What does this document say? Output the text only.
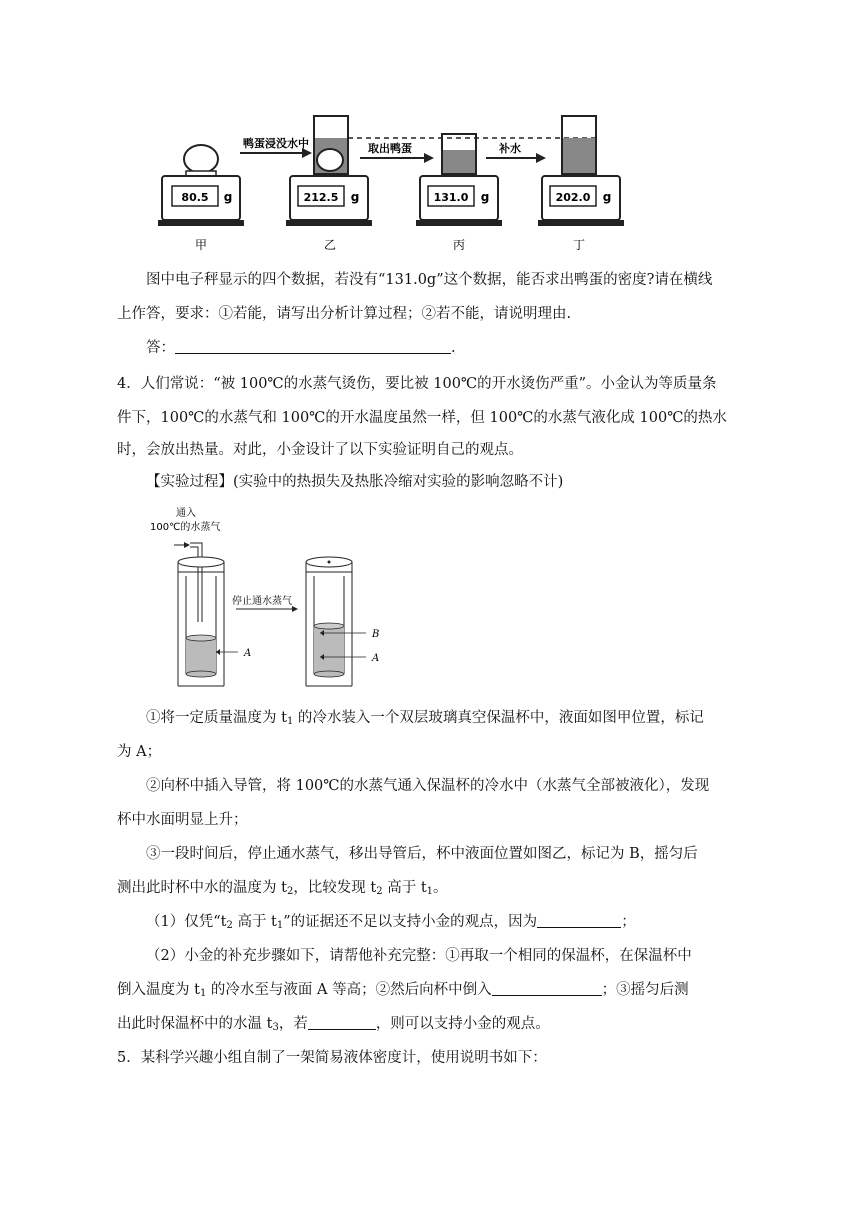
80.5 g
甲
鸭蛋浸没水中
212.5 g
乙
取出鸭蛋
131.0 g
丙
补水
202.0 g
丁
图中电子秤显示的四个数据，若没有“131.0g”这个数据，能否求出鸭蛋的密度?请在横线
上作答，要求：①若能，请写出分析计算过程；②若不能，请说明理由.
答：	.
4．人们常说：“被 100℃的水蒸气烫伤，要比被 100℃的开水烫伤严重”。小金认为等质量条
件下，100℃的水蒸气和 100℃的开水温度虽然一样，但 100℃的水蒸气液化成 100℃的热水
时，会放出热量。对此，小金设计了以下实验证明自己的观点。
【实验过程】(实验中的热损失及热胀冷缩对实验的影响忽略不计)
通入
100℃的水蒸气
A
停止通水蒸气
B
A
①将一定质量温度为 $t_1$ 的冷水装入一个双层玻璃真空保温杯中，液面如图甲位置，标记
为 A；
②向杯中插入导管，将 100℃的水蒸气通入保温杯的冷水中（水蒸气全部被液化），发现
杯中水面明显上升；
③一段时间后，停止通水蒸气，移出导管后，杯中液面位置如图乙，标记为 B，摇匀后
测出此时杯中水的温度为 $t_2$，比较发现 $t_2$ 高于 $t_1$。
（1）仅凭“$t_2$ 高于 $t_1$”的证据还不足以支持小金的观点，因为	；
（2）小金的补充步骤如下，请帮他补充完整：①再取一个相同的保温杯，在保温杯中
倒入温度为 $t_1$ 的冷水至与液面 A 等高；②然后向杯中倒入	；③摇匀后测
出此时保温杯中的水温 $t_3$，若	，则可以支持小金的观点。
5．某科学兴趣小组自制了一架简易液体密度计，使用说明书如下：
